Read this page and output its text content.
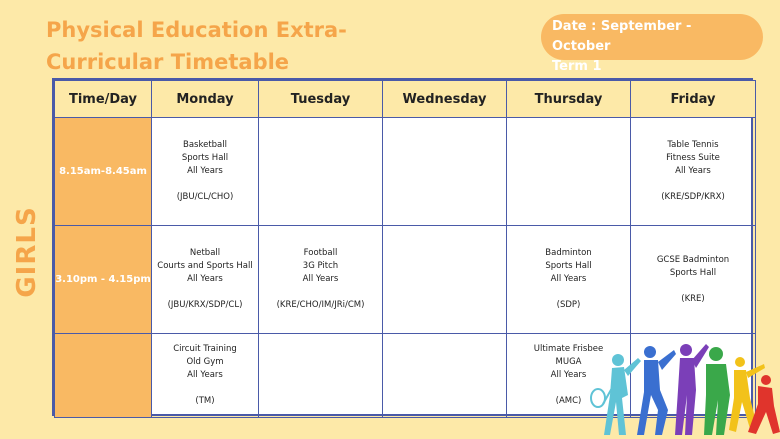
Physical Education Extra-
Curricular Timetable
Date : September - October
Term 1
GIRLS
Time/Day	Monday	Tuesday	Wednesday	Thursday	Friday
8.15am-8.45am	Basketball
Sports Hall
All Years
(JBU/CL/CHO)				Table Tennis
Fitness Suite
All Years
(KRE/SDP/KRX)

3.10pm - 4.15pm	Netball
Courts and Sports Hall
All Years
(JBU/KRX/SDP/CL)	Football
3G Pitch
All Years
(KRE/CHO/IM/JRi/CM)		Badminton
Sports Hall
All Years
(SDP)	GCSE Badminton
Sports Hall
(KRE)

	Circuit Training
Old Gym
All Years
(TM)			Ultimate Frisbee
MUGA
All Years
(AMC)	
